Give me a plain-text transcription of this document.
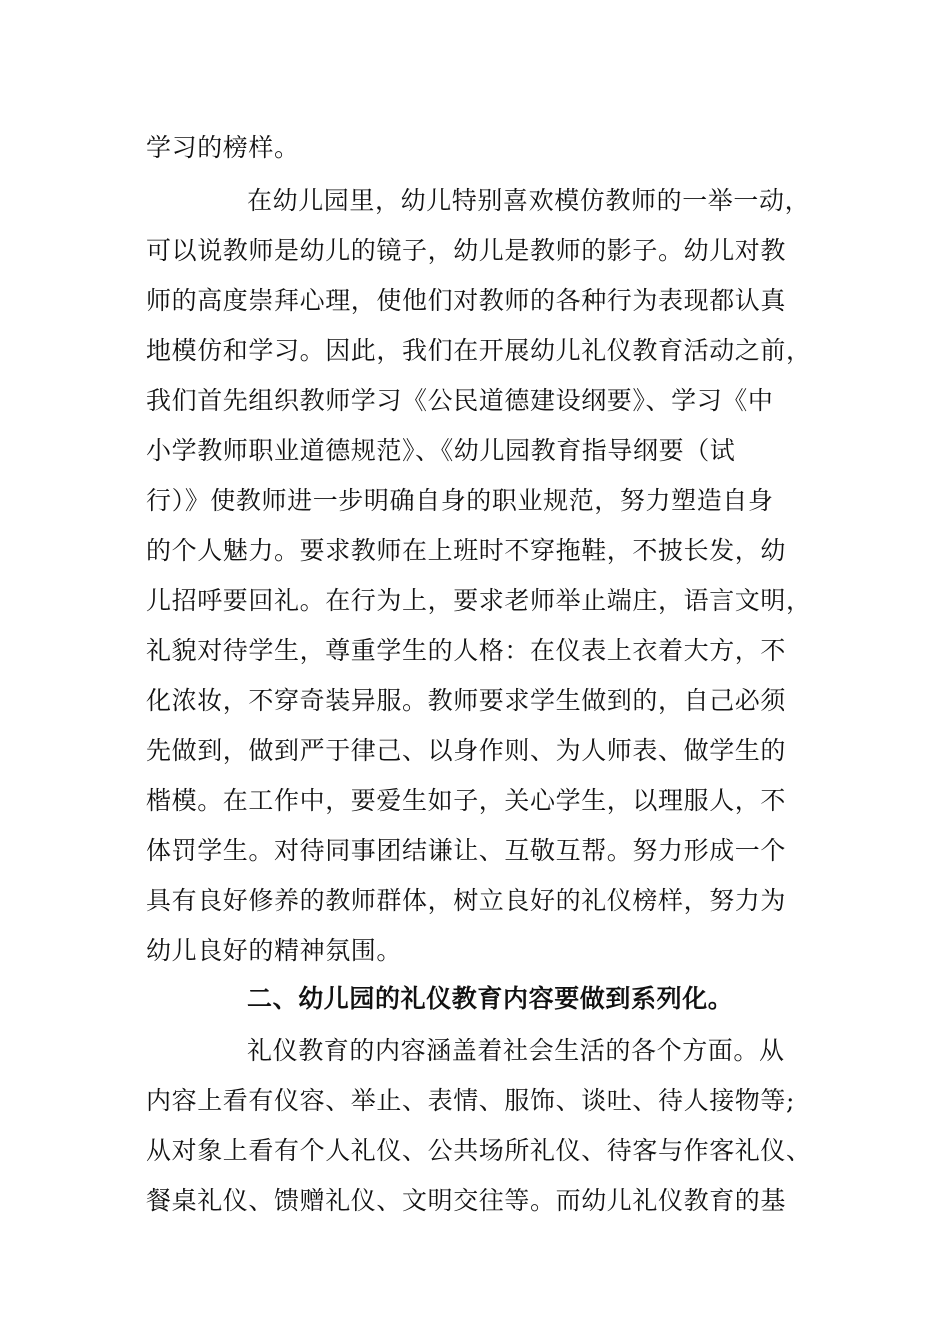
学习的榜样。
在幼儿园里，幼儿特别喜欢模仿教师的一举一动，
可以说教师是幼儿的镜子，幼儿是教师的影子。幼儿对教
师的高度崇拜心理，使他们对教师的各种行为表现都认真
地模仿和学习。因此，我们在开展幼儿礼仪教育活动之前，
我们首先组织教师学习《公民道德建设纲要》、学习《中
小学教师职业道德规范》、《幼儿园教育指导纲要（试
行）》使教师进一步明确自身的职业规范，努力塑造自身
的个人魅力。要求教师在上班时不穿拖鞋，不披长发，幼
儿招呼要回礼。在行为上，要求老师举止端庄，语言文明，
礼貌对待学生，尊重学生的人格：在仪表上衣着大方，不
化浓妆，不穿奇装异服。教师要求学生做到的，自己必须
先做到，做到严于律己、以身作则、为人师表、做学生的
楷模。在工作中，要爱生如子，关心学生，以理服人，不
体罚学生。对待同事团结谦让、互敬互帮。努力形成一个
具有良好修养的教师群体，树立良好的礼仪榜样，努力为
幼儿良好的精神氛围。
二、幼儿园的礼仪教育内容要做到系列化。
礼仪教育的内容涵盖着社会生活的各个方面。从
内容上看有仪容、举止、表情、服饰、谈吐、待人接物等;
从对象上看有个人礼仪、公共场所礼仪、待客与作客礼仪、
餐桌礼仪、馈赠礼仪、文明交往等。而幼儿礼仪教育的基
